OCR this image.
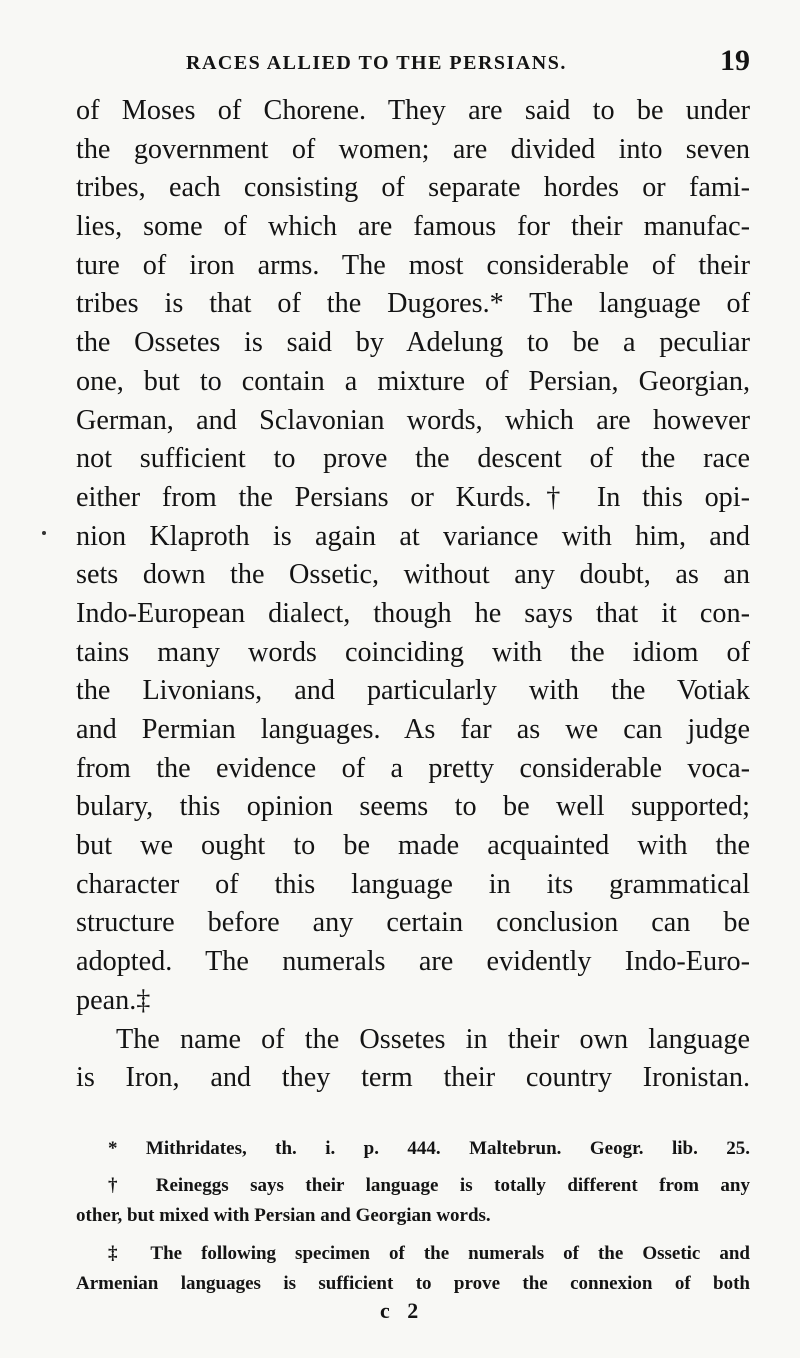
RACES ALLIED TO THE PERSIANS.	19
of Moses of Chorene. They are said to be under
the government of women; are divided into seven
tribes, each consisting of separate hordes or fami-
lies, some of which are famous for their manufac-
ture of iron arms. The most considerable of their
tribes is that of the Dugores.* The language of
the Ossetes is said by Adelung to be a peculiar
one, but to contain a mixture of Persian, Georgian,
German, and Sclavonian words, which are however
not sufficient to prove the descent of the race
either from the Persians or Kurds.† In this opi-
nion Klaproth is again at variance with him, and
sets down the Ossetic, without any doubt, as an
Indo-European dialect, though he says that it con-
tains many words coinciding with the idiom of
the Livonians, and particularly with the Votiak
and Permian languages. As far as we can judge
from the evidence of a pretty considerable voca-
bulary, this opinion seems to be well supported;
but we ought to be made acquainted with the
character of this language in its grammatical
structure before any certain conclusion can be
adopted. The numerals are evidently Indo-Euro-
pean.‡
The name of the Ossetes in their own language
is Iron, and they term their country Ironistan.
* Mithridates, th. i. p. 444. Maltebrun. Geogr. lib. 25.
† Reineggs says their language is totally different from any
other, but mixed with Persian and Georgian words.
‡ The following specimen of the numerals of the Ossetic and
Armenian languages is sufficient to prove the connexion of both
c 2
